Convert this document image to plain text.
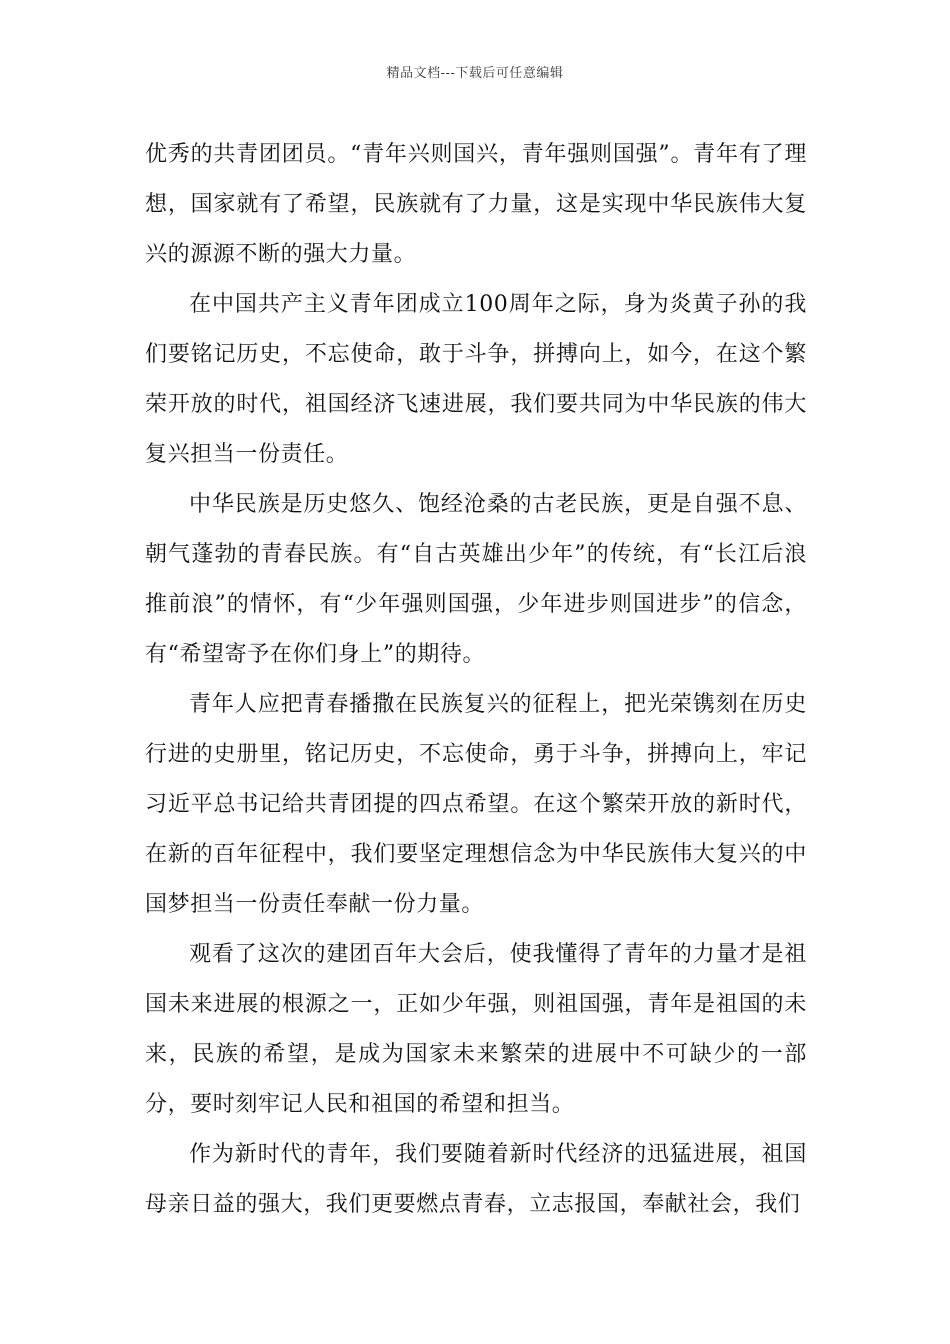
精品文档---下载后可任意编辑

优秀的共青团团员。“青年兴则国兴，青年强则国强”。青年有了理想，国家就有了希望，民族就有了力量，这是实现中华民族伟大复兴的源源不断的强大力量。

在中国共产主义青年团成立100周年之际，身为炎黄子孙的我们要铭记历史，不忘使命，敢于斗争，拼搏向上，如今，在这个繁荣开放的时代，祖国经济飞速进展，我们要共同为中华民族的伟大复兴担当一份责任。

中华民族是历史悠久、饱经沧桑的古老民族，更是自强不息、朝气蓬勃的青春民族。有“自古英雄出少年”的传统，有“长江后浪推前浪”的情怀，有“少年强则国强，少年进步则国进步”的信念，有“希望寄予在你们身上”的期待。

青年人应把青春播撒在民族复兴的征程上，把光荣镌刻在历史行进的史册里，铭记历史，不忘使命，勇于斗争，拼搏向上，牢记习近平总书记给共青团提的四点希望。在这个繁荣开放的新时代，在新的百年征程中，我们要坚定理想信念为中华民族伟大复兴的中国梦担当一份责任奉献一份力量。

观看了这次的建团百年大会后，使我懂得了青年的力量才是祖国未来进展的根源之一，正如少年强，则祖国强，青年是祖国的未来，民族的希望，是成为国家未来繁荣的进展中不可缺少的一部分，要时刻牢记人民和祖国的希望和担当。

作为新时代的青年，我们要随着新时代经济的迅猛进展，祖国母亲日益的强大，我们更要燃点青春，立志报国，奉献社会，我们
